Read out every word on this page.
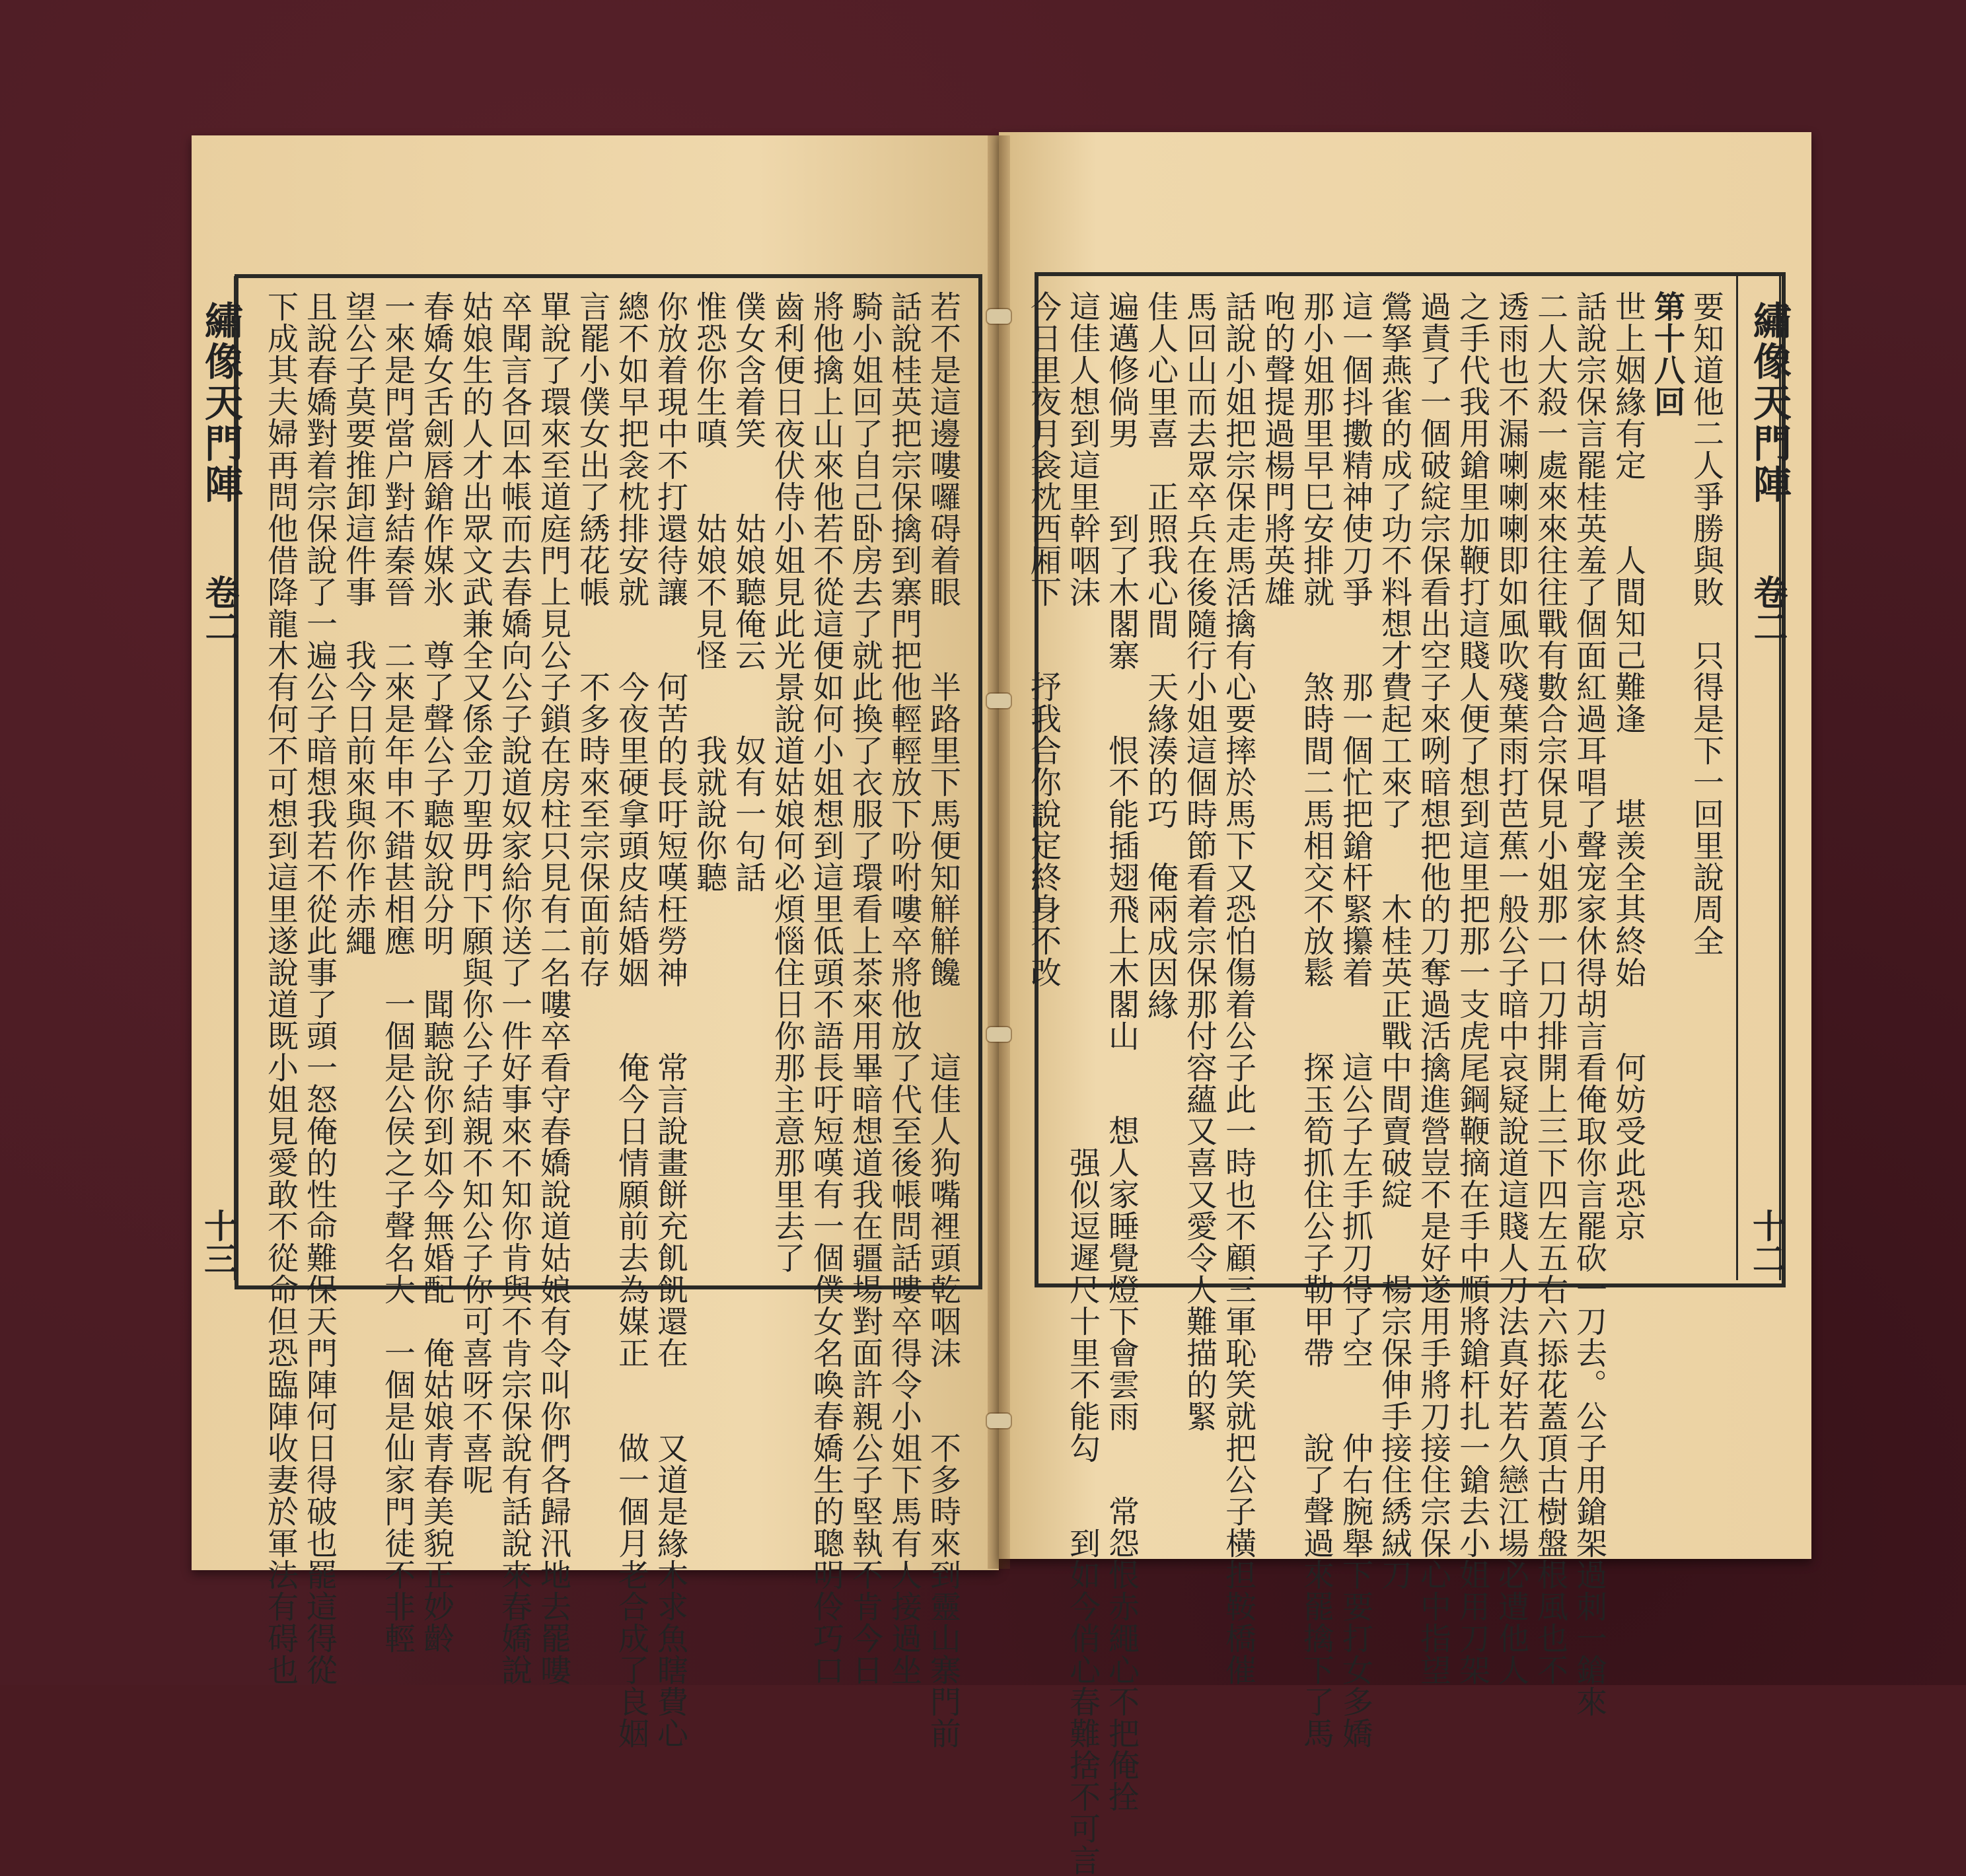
繡像天門陣
卷二
十二
繡像天門陣
卷二
十三
要知道他二人爭勝與敗　只得是下一回里說周全
第十八回
世上姻緣有定　　人間知己難逢　　堪羡全其終始　　何妨受此恐京
話說宗保言罷桂英羞了個面紅過耳唱了聲宠家休得胡言看俺取你言罷砍一刀去。公子用鎗架過刺一鎗來
二人大殺一處來來往往戰有數合宗保見小姐那一口刀排開上三下四左五右六掭花蓋頂古樹盤根風也不
透雨也不漏喇喇喇即如風吹殘葉雨打芭蕉一般公子暗中哀疑說道這賤人刀法真好若久戀江場必遭他人
之手代我用鎗里加鞭打這賤人便了想到這里把那一支虎尾鋼鞭摘在手中順將鎗杆扎一鎗去小姐用刀架
過責了一個破綻宗保看出空子來咧暗想把他的刀奪過活擒進營豈不是好遂用手將刀接住宗保心中指望
鶯拏燕雀的成了功不料想才費起工來了　　木桂英正戰中間賣破綻　　楊宗保伸手接住綉絨刀
這一個抖擻精神使刀爭　　那一個忙把鎗杆緊攥着　　這公子左手抓刀得了空　　仲右腕舉下要打女多嬌
那小姐那里早巳安排就　　煞時間二馬相交不放鬆　　探玉筍抓住公子勒甲帶　　說了聲過來罷擒下了馬
咆的聲提過楊門將英雄
話說小姐把宗保走馬活擒有心要摔於馬下又恐怕傷着公子此一時也不顧三軍恥笑就把公子橫担鞍橋催
馬回山而去眾卒兵在後隨行小姐這個時節看着宗保那付容蘊又喜又愛令人難描的緊
佳人心里喜　正照我心間　天緣湊的巧　俺兩成因緣
遍邁修倘男　　到了木閣寨　　恨不能插翅飛上木閣山　　想人家睡覺燈下會雲雨　　常怨恨赤繩心不把俺拴
這佳人想到這里幹咽沫　　　　　　　　　　　　　　　　　强似逗遲尺十里不能勾　　到如今俏心春難捨不可言
今日里夜月衾枕西厢下　　抒我合你說定終身不改
若不是這邊嘍囉碍着眼　　半路里下馬便知觧觧饞　　這佳人狗嘴裡頭乾咽沫　　不多時來到靈山寨門前
話說桂英把宗保擒到寨門把他輕輕放下吩咐嘍卒將他放了代至後帳問話嘍卒得令小姐下馬有人接過坐
騎小姐回了自己卧房去了就此換了衣服了環看上茶來用畢暗想道我在疆場對面許親公子堅執不肯今日
將他擒上山來他若不從這便如何小姐想到這里低頭不語長吁短嘆有一個僕女名喚春嬌生的聰明伶巧口
齒利便日夜伏侍小姐見此光景說道姑娘何必煩惱住日你那主意那里去了
僕女含着笑　　姑娘聽俺云　　奴有一句話
惟恐你生嗔　　姑娘不見怪　　我就說你聽
你放着現中不打還待讓　　何苦的長吁短嘆枉勞神　　常言說畫餅充飢飢還在　　又道是緣木求魚瞎費心
總不如早把衾枕排安就　　今夜里硬拿頭皮結婚姻　　俺今日情願前去為媒正　　做一個月老合成了良姻
言罷小僕女出了綉花帳　　不多時來至宗保面前存
單說了環來至道庭門上見公子鎖在房柱只見有二名嘍卒看守春嬌說道姑娘有令叫你們各歸汛地去罷嘍
卒聞言各回本帳而去春嬌向公子說道奴家給你送了一件好事來不知你肯與不肯宗保說有話說來春嬌說
姑娘生的人才出眾文武兼全又係金刀聖毋門下願與你公子結親不知公子你可喜呀不喜呢
春嬌女舌劍唇鎗作媒氷　尊了聲公子聽奴說分明　聞聽說你到如今無婚配　俺姑娘青春美貌正妙齡
一來是門當户對結秦晉　二來是年申不錯甚相應　一個是公侯之子聲名大　一個是仙家門徒不非輕
望公子莫要推卸這件事　我今日前來與你作赤繩
且說春嬌對着宗保說了一遍公子暗想我若不從此事了頭一怒俺的性命難保天門陣何日得破也罷這得從
下成其夫婦再問他借降龍木有何不可想到這里遂說道既小姐見愛敢不從命但恐臨陣收妻於軍法有碍也
